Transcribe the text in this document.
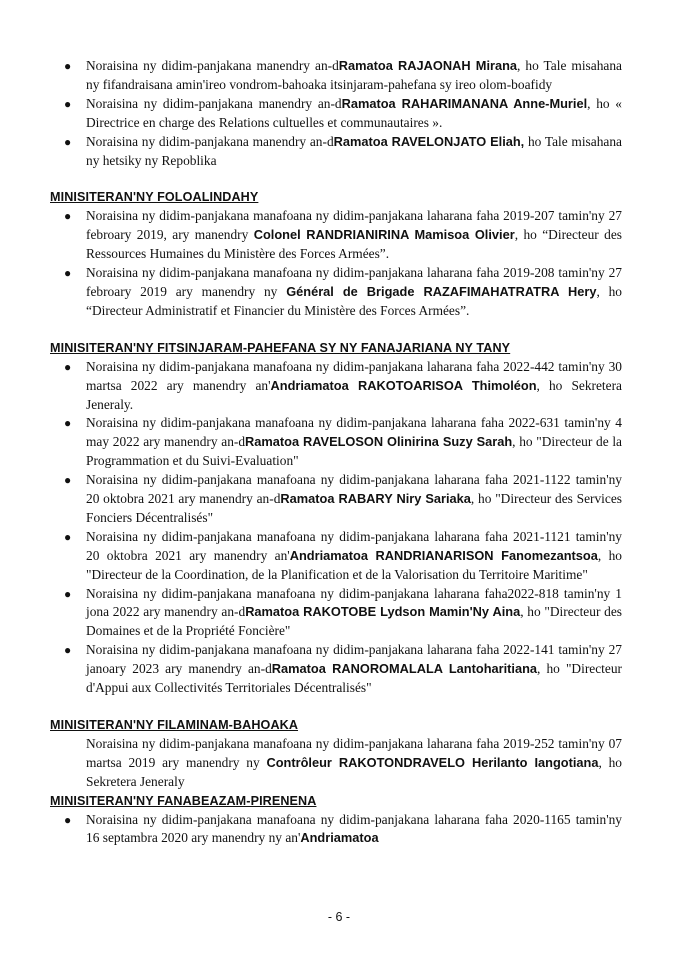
● Noraisina ny didim-panjakana manendry an-dRamatoa RAJAONAH Mirana, ho Tale misahana ny fifandraisana amin'ireo vondrom-bahoaka itsinjaram-pahefana sy ireo olom-boafidy
● Noraisina ny didim-panjakana manendry an-dRamatoa RAHARIMANANA Anne-Muriel, ho « Directrice en charge des Relations cultuelles et communautaires ».
● Noraisina ny didim-panjakana manendry an-dRamatoa RAVELONJATO Eliah, ho Tale misahana ny hetsiky ny Repoblika

MINISITERAN'NY FOLOALINDAHY

● Noraisina ny didim-panjakana manafoana ny didim-panjakana laharana faha 2019-207 tamin'ny 27 febroary 2019, ary manendry Colonel RANDRIANIRINA Mamisoa Olivier, ho “Directeur des Ressources Humaines du Ministère des Forces Armées”.
● Noraisina ny didim-panjakana manafoana ny didim-panjakana laharana faha 2019-208 tamin'ny 27 febroary 2019 ary manendry ny Général de Brigade RAZAFIMAHATRATRA Hery, ho “Directeur Administratif et Financier du Ministère des Forces Armées”.

MINISITERAN'NY FITSINJARAM-PAHEFANA SY NY FANAJARIANA NY TANY

● Noraisina ny didim-panjakana manafoana ny didim-panjakana laharana faha 2022-442 tamin'ny 30 martsa 2022 ary manendry an'Andriamatoa RAKOTOARISOA Thimoléon, ho Sekretera Jeneraly.
● Noraisina ny didim-panjakana manafoana ny didim-panjakana laharana faha 2022-631 tamin'ny 4 may 2022 ary manendry an-dRamatoa RAVELOSON Olinirina Suzy Sarah, ho "Directeur de la Programmation et du Suivi-Evaluation"
● Noraisina ny didim-panjakana manafoana ny didim-panjakana laharana faha 2021-1122 tamin'ny 20 oktobra 2021 ary manendry an-dRamatoa RABARY Niry Sariaka, ho "Directeur des Services Fonciers Décentralisés"
● Noraisina ny didim-panjakana manafoana ny didim-panjakana laharana faha 2021-1121 tamin'ny 20 oktobra 2021 ary manendry an'Andriamatoa RANDRIANARISON Fanomezantsoa, ho "Directeur de la Coordination, de la Planification et de la Valorisation du Territoire Maritime"
● Noraisina ny didim-panjakana manafoana ny didim-panjakana laharana faha2022-818 tamin'ny 1 jona 2022 ary manendry an-dRamatoa RAKOTOBE Lydson Mamin'Ny Aina, ho "Directeur des Domaines et de la Propriété Foncière"
● Noraisina ny didim-panjakana manafoana ny didim-panjakana laharana faha 2022-141 tamin'ny 27 janoary 2023 ary manendry an-dRamatoa RANOROMALALA Lantoharitiana, ho "Directeur d'Appui aux Collectivités Territoriales Décentralisés"

MINISITERAN'NY FILAMINAM-BAHOAKA

Noraisina ny didim-panjakana manafoana ny didim-panjakana laharana faha 2019-252 tamin'ny 07 martsa 2019 ary manendry ny Contrôleur RAKOTONDRAVELO Herilanto Iangotiana, ho Sekretera Jeneraly

MINISITERAN'NY FANABEAZAM-PIRENENA

● Noraisina ny didim-panjakana manafoana ny didim-panjakana laharana faha 2020-1165 tamin'ny 16 septambra 2020 ary manendry ny an'Andriamatoa
- 6 -
